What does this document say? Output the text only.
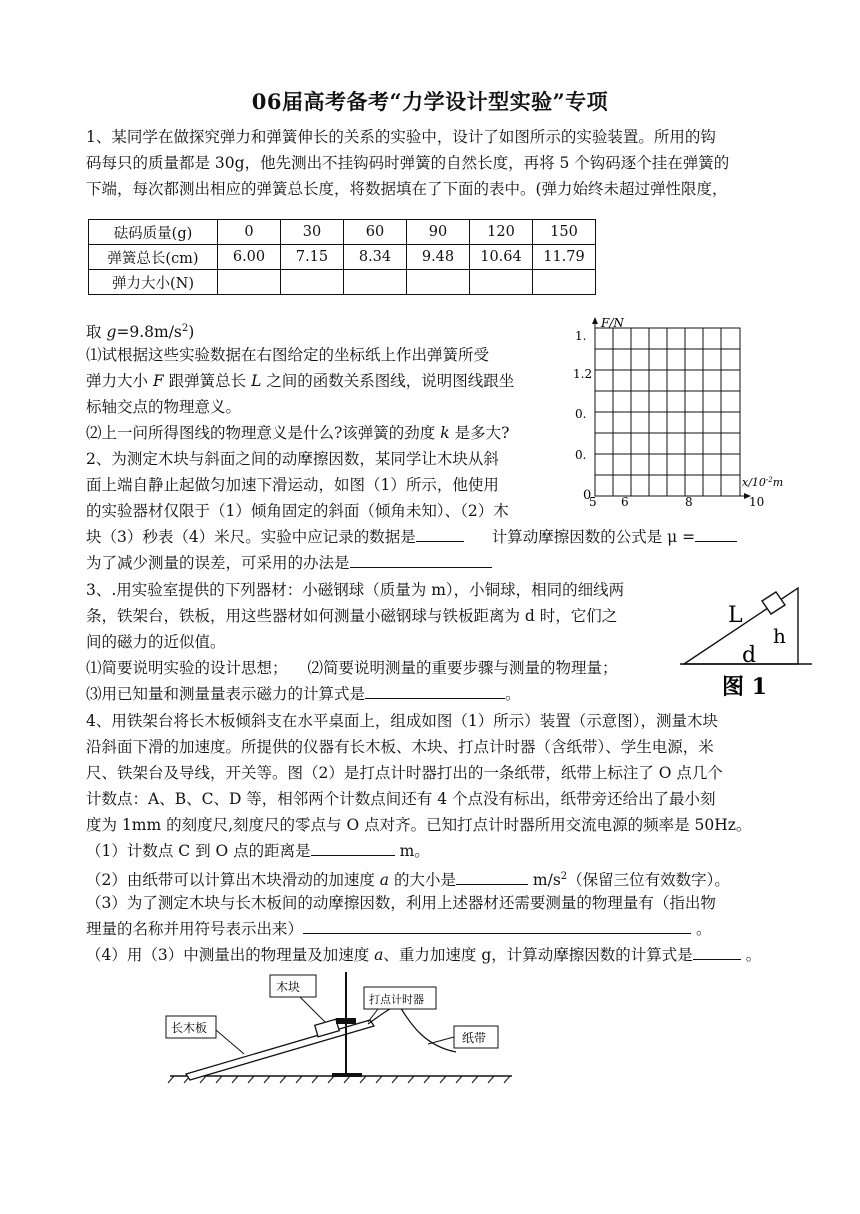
06届高考备考“力学设计型实验”专项
1、某同学在做探究弹力和弹簧伸长的关系的实验中，设计了如图所示的实验装置。所用的钩
码每只的质量都是 30g，他先测出不挂钩码时弹簧的自然长度，再将 5 个钩码逐个挂在弹簧的
下端，每次都测出相应的弹簧总长度，将数据填在了下面的表中。(弹力始终未超过弹性限度，
砝码质量(g)	0	30	60	90	120	150
弹簧总长(cm)	6.00	7.15	8.34	9.48	10.64	11.79
弹力大小(N)						
取 $g=9.8m/s^2$)
⑴试根据这些实验数据在右图给定的坐标纸上作出弹簧所受
弹力大小 F 跟弹簧总长 L 之间的函数关系图线，说明图线跟坐
标轴交点的物理意义。
⑵上一问所得图线的物理意义是什么?该弹簧的劲度 k 是多大?
F/N
$x/10^{-2}m$
1.
1.2
0.
0.
0
5 6	8	10
2、为测定木块与斜面之间的动摩擦因数，某同学让木块从斜
面上端自静止起做匀加速下滑运动，如图（1）所示，他使用
的实验器材仅限于（1）倾角固定的斜面（倾角未知）、（2）木
块（3）秒表（4）米尺。实验中应记录的数据是	计算动摩擦因数的公式是 μ =
为了减少测量的误差，可采用的办法是
3、.用实验室提供的下列器材：小磁钢球（质量为 m），小铜球，相同的细线两
条，铁架台，铁板，用这些器材如何测量小磁钢球与铁板距离为 d 时，它们之
间的磁力的近似值。
⑴简要说明实验的设计思想； ⑵简要说明测量的重要步骤与测量的物理量；
⑶用已知量和测量量表示磁力的计算式是	。
L
h
d
图 1
4、用铁架台将长木板倾斜支在水平桌面上，组成如图（1）所示）装置（示意图），测量木块
沿斜面下滑的加速度。所提供的仪器有长木板、木块、打点计时器（含纸带）、学生电源，米
尺、铁架台及导线，开关等。图（2）是打点计时器打出的一条纸带，纸带上标注了 O 点几个
计数点：A、B、C、D 等，相邻两个计数点间还有 4 个点没有标出，纸带旁还给出了最小刻
度为 1mm 的刻度尺,刻度尺的零点与 O 点对齐。已知打点计时器所用交流电源的频率是 50Hz。
（1）计数点 C 到 O 点的距离是	m。
（2）由纸带可以计算出木块滑动的加速度 a 的大小是	$m/s^2$（保留三位有效数字）。
（3）为了测定木块与长木板间的动摩擦因数，利用上述器材还需要测量的物理量有（指出物
理量的名称并用符号表示出来）	。
（4）用（3）中测量出的物理量及加速度 a、重力加速度 g，计算动摩擦因数的计算式是	。
木块
打点计时器
长木板
纸带
